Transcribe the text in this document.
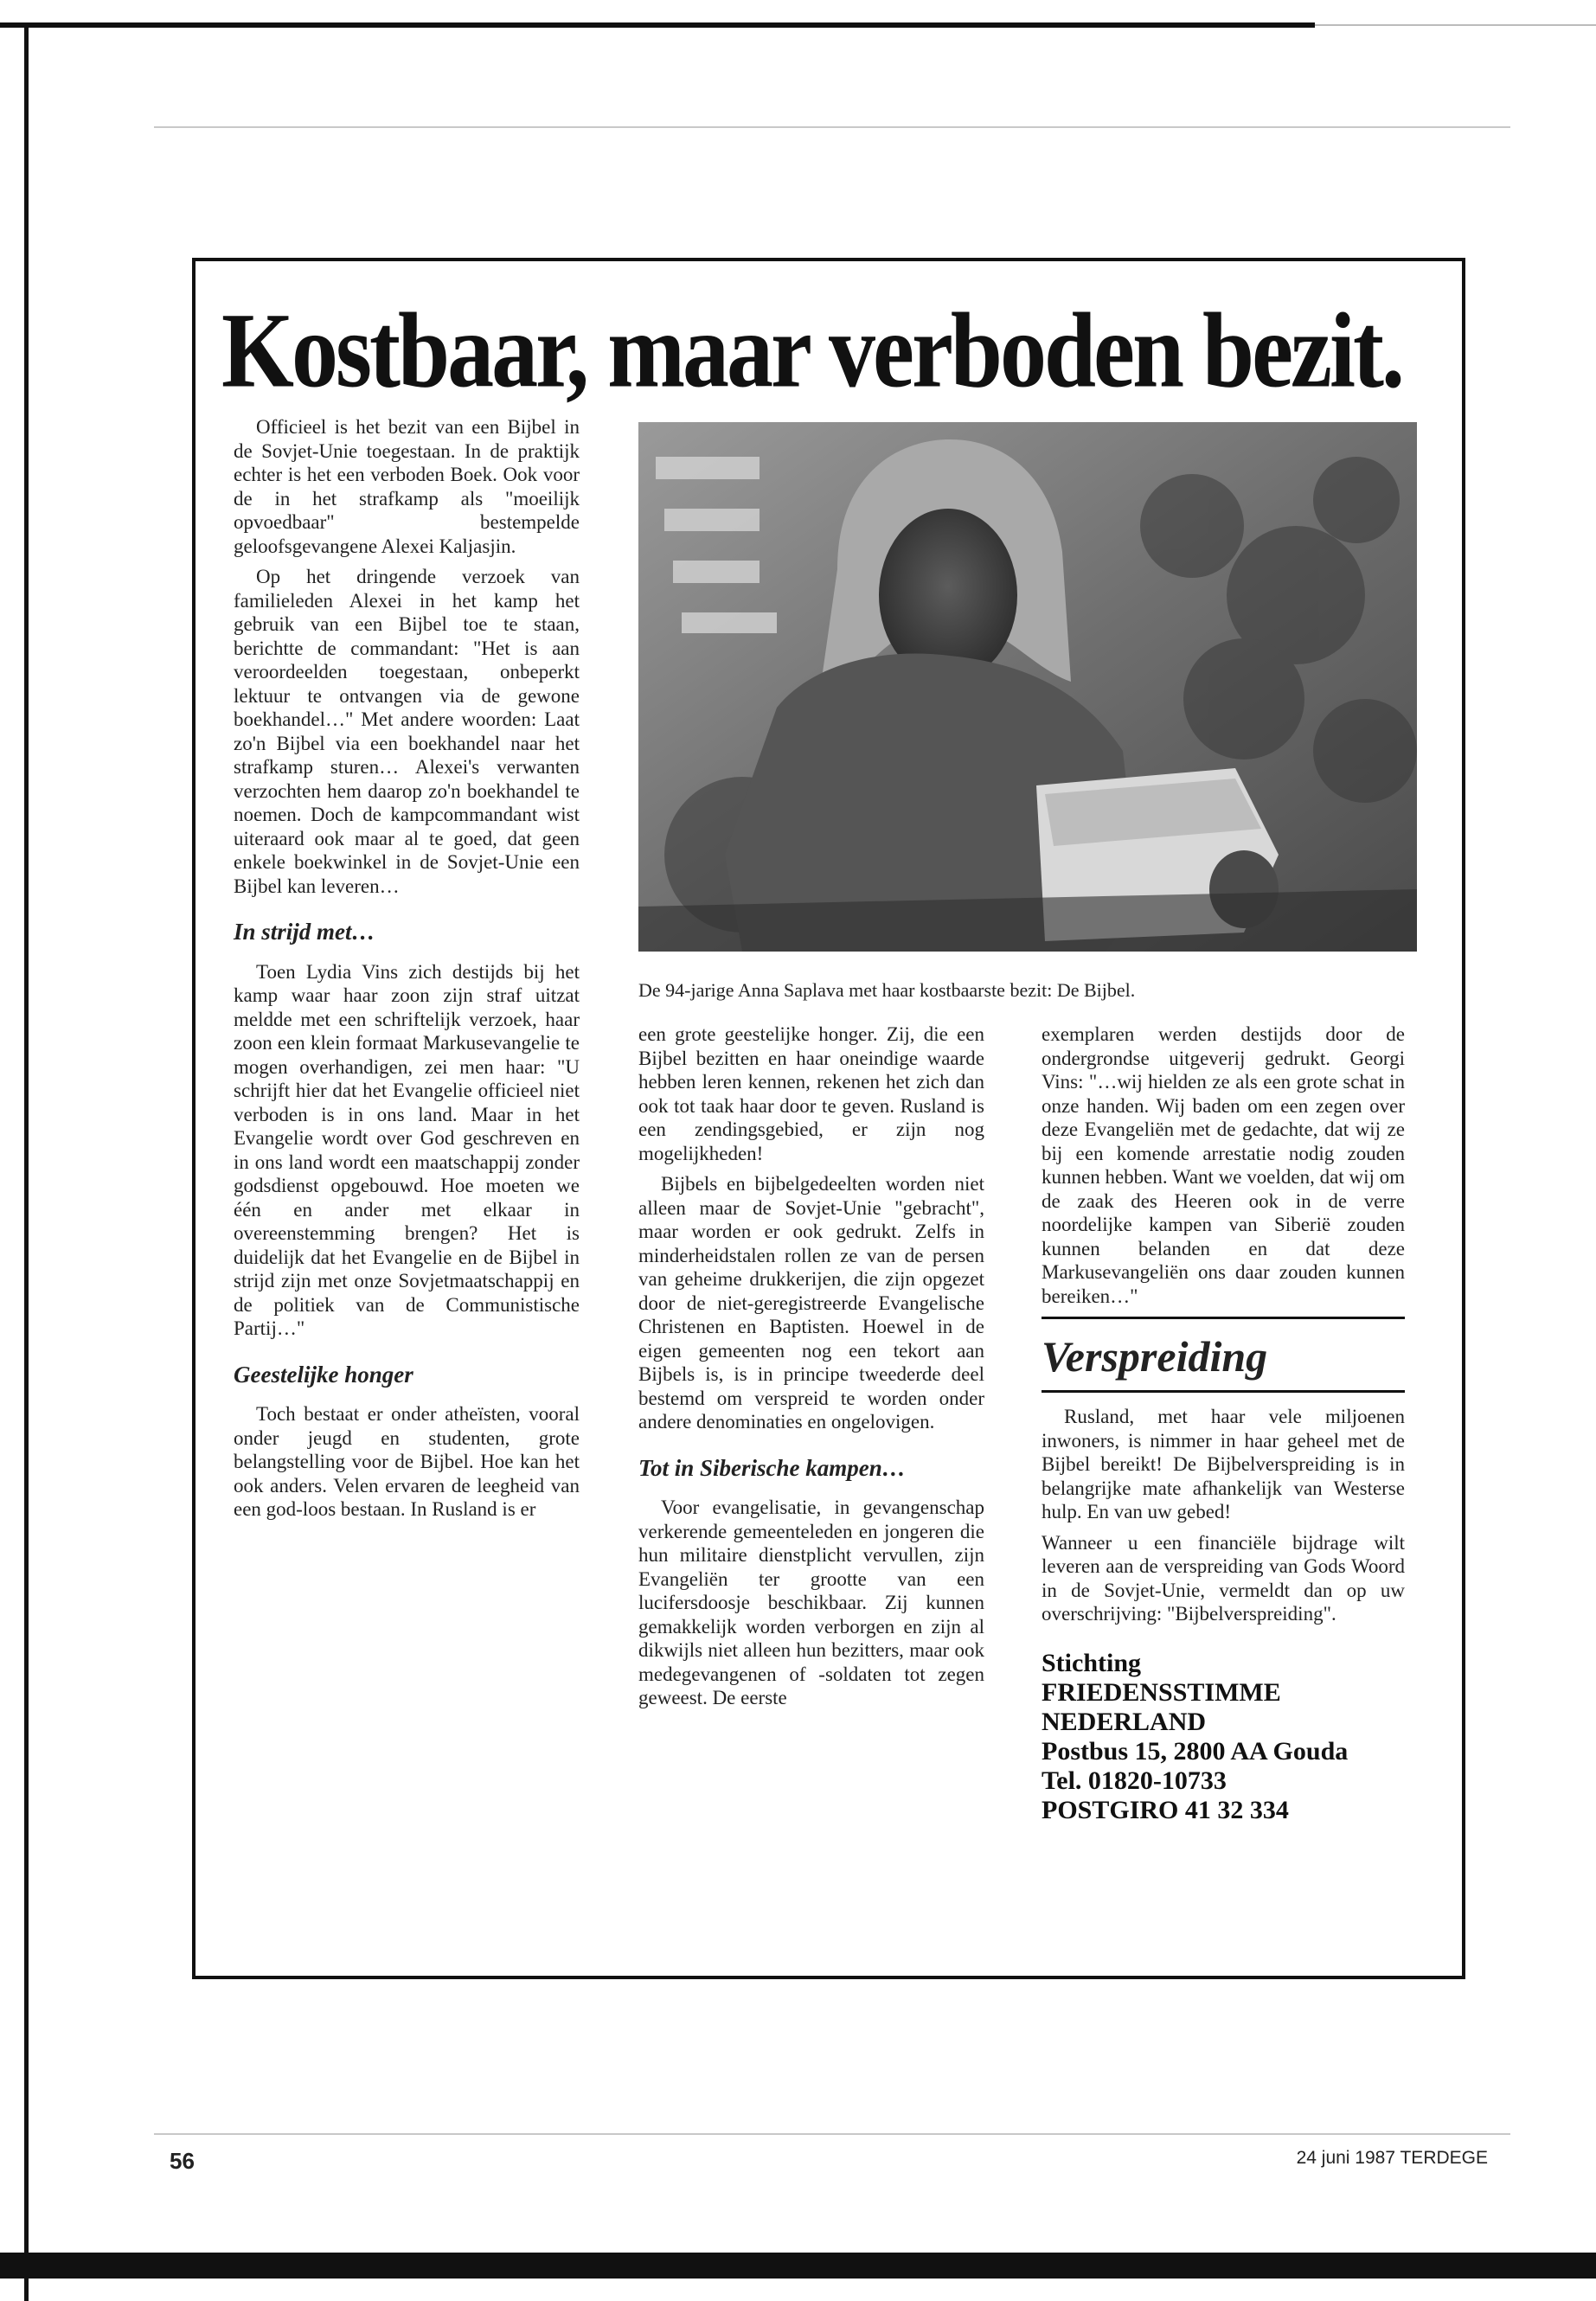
Kostbaar, maar verboden bezit.

Officieel is het bezit van een Bijbel in de Sovjet-Unie toegestaan. In de praktijk echter is het een verboden Boek. Ook voor de in het strafkamp als "moeilijk opvoedbaar" bestempelde geloofsgevangene Alexei Kaljasjin.

Op het dringende verzoek van familieleden Alexei in het kamp het gebruik van een Bijbel toe te staan, berichtte de commandant: "Het is aan veroordeelden toegestaan, onbeperkt lektuur te ontvangen via de gewone boekhandel…" Met andere woorden: Laat zo'n Bijbel via een boekhandel naar het strafkamp sturen… Alexei's verwanten verzochten hem daarop zo'n boekhandel te noemen. Doch de kampcommandant wist uiteraard ook maar al te goed, dat geen enkele boekwinkel in de Sovjet-Unie een Bijbel kan leveren…

In strijd met…

Toen Lydia Vins zich destijds bij het kamp waar haar zoon zijn straf uitzat meldde met een schriftelijk verzoek, haar zoon een klein formaat Markusevangelie te mogen overhandigen, zei men haar: "U schrijft hier dat het Evangelie officieel niet verboden is in ons land. Maar in het Evangelie wordt over God geschreven en in ons land wordt een maatschappij zonder godsdienst opgebouwd. Hoe moeten we één en ander met elkaar in overeenstemming brengen? Het is duidelijk dat het Evangelie en de Bijbel in strijd zijn met onze Sovjetmaatschappij en de politiek van de Communistische Partij…"

Geestelijke honger

Toch bestaat er onder atheïsten, vooral onder jeugd en studenten, grote belangstelling voor de Bijbel. Hoe kan het ook anders. Velen ervaren de leegheid van een god-loos bestaan. In Rusland is er

De 94-jarige Anna Saplava met haar kostbaarste bezit: De Bijbel.

een grote geestelijke honger. Zij, die een Bijbel bezitten en haar oneindige waarde hebben leren kennen, rekenen het zich dan ook tot taak haar door te geven. Rusland is een zendingsgebied, er zijn nog mogelijkheden!

Bijbels en bijbelgedeelten worden niet alleen maar de Sovjet-Unie "gebracht", maar worden er ook gedrukt. Zelfs in minderheidstalen rollen ze van de persen van geheime drukkerijen, die zijn opgezet door de niet-geregistreerde Evangelische Christenen en Baptisten. Hoewel in de eigen gemeenten nog een tekort aan Bijbels is, is in principe tweederde deel bestemd om verspreid te worden onder andere denominaties en ongelovigen.

Tot in Siberische kampen…

Voor evangelisatie, in gevangenschap verkerende gemeenteleden en jongeren die hun militaire dienstplicht vervullen, zijn Evangeliën ter grootte van een lucifersdoosje beschikbaar. Zij kunnen gemakkelijk worden verborgen en zijn al dikwijls niet alleen hun bezitters, maar ook medegevangenen of -soldaten tot zegen geweest. De eerste

exemplaren werden destijds door de ondergrondse uitgeverij gedrukt. Georgi Vins: "…wij hielden ze als een grote schat in onze handen. Wij baden om een zegen over deze Evangeliën met de gedachte, dat wij ze bij een komende arrestatie nodig zouden kunnen hebben. Want we voelden, dat wij om de zaak des Heeren ook in de verre noordelijke kampen van Siberië zouden kunnen belanden en dat deze Markusevangeliën ons daar zouden kunnen bereiken…"

Verspreiding

Rusland, met haar vele miljoenen inwoners, is nimmer in haar geheel met de Bijbel bereikt! De Bijbelverspreiding is in belangrijke mate afhankelijk van Westerse hulp. En van uw gebed!

Wanneer u een financiële bijdrage wilt leveren aan de verspreiding van Gods Woord in de Sovjet-Unie, vermeldt dan op uw overschrijving: "Bijbelverspreiding".

Stichting
FRIEDENSSTIMME
NEDERLAND
Postbus 15, 2800 AA Gouda
Tel. 01820-10733
POSTGIRO 41 32 334
56	24 juni 1987 TERDEGE
